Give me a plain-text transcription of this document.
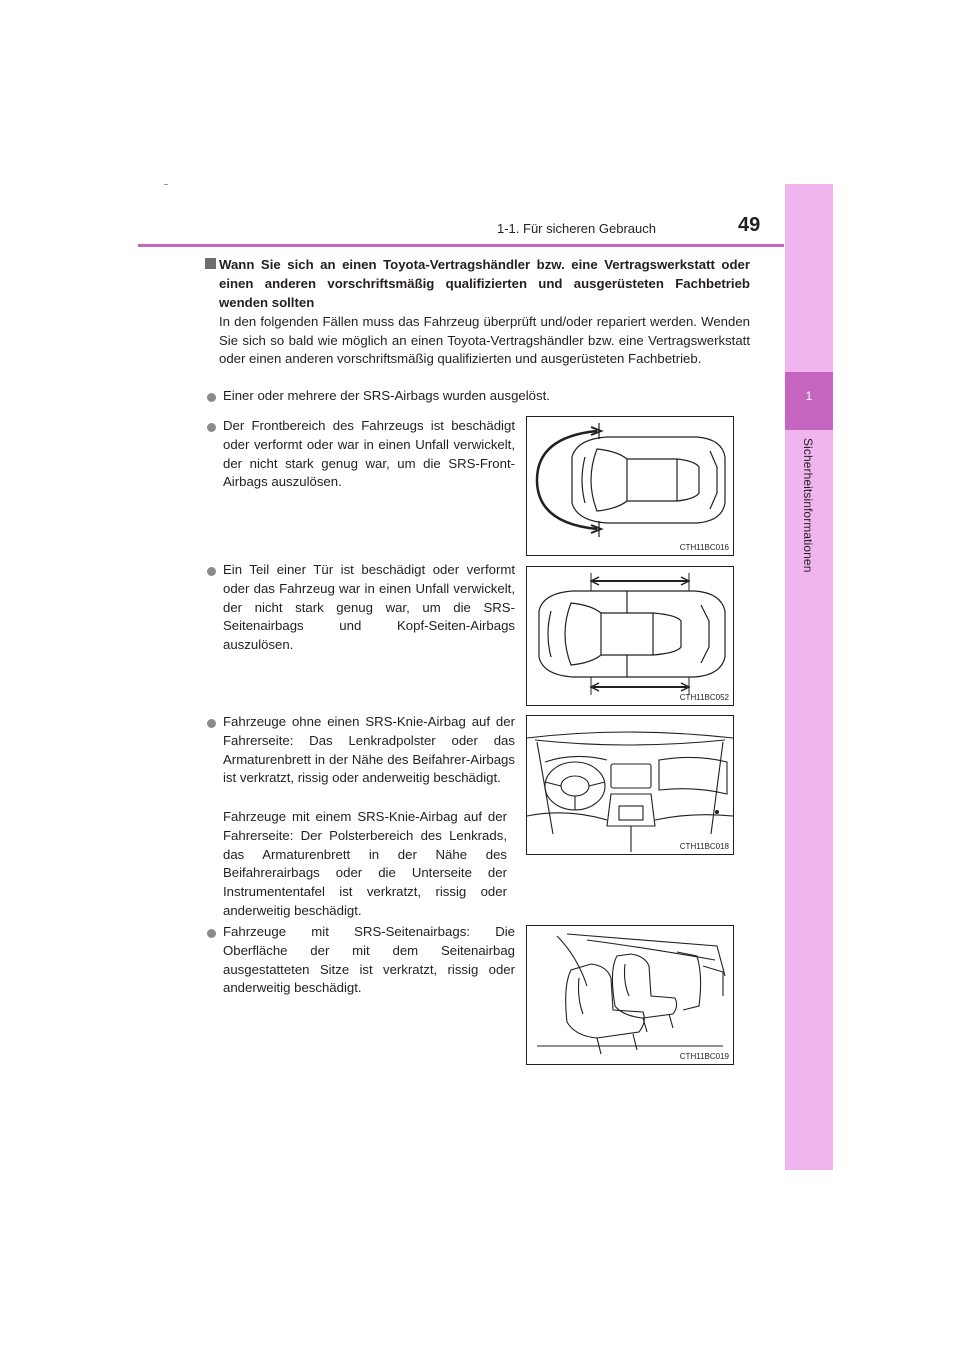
1-1. Für sicheren Gebrauch	49
1
Sicherheitsinformationen
Wann Sie sich an einen Toyota-Vertragshändler bzw. eine Vertragswerkstatt oder einen anderen vorschriftsmäßig qualifizierten und ausgerüsteten Fachbetrieb wenden sollten
In den folgenden Fällen muss das Fahrzeug überprüft und/oder repariert werden. Wenden Sie sich so bald wie möglich an einen Toyota-Vertragshändler bzw. eine Vertragswerkstatt oder einen anderen vorschriftsmäßig qualifizierten und ausgerüsteten Fachbetrieb.
Einer oder mehrere der SRS-Airbags wurden ausgelöst.
Der Frontbereich des Fahrzeugs ist beschädigt oder verformt oder war in einen Unfall verwickelt, der nicht stark genug war, um die SRS-Front-Airbags auszulösen.
CTH11BC016
Ein Teil einer Tür ist beschädigt oder verformt oder das Fahrzeug war in einen Unfall verwickelt, der nicht stark genug war, um die SRS-Seitenairbags und Kopf-Seiten-Airbags auszulösen.
CTH11BC052
Fahrzeuge ohne einen SRS-Knie-Airbag auf der Fahrerseite: Das Lenkradpolster oder das Armaturenbrett in der Nähe des Beifahrer-Airbags ist verkratzt, rissig oder anderweitig beschädigt.
Fahrzeuge mit einem SRS-Knie-Airbag auf der Fahrerseite: Der Polsterbereich des Lenkrads, das Armaturenbrett in der Nähe des Beifahrerairbags oder die Unterseite der Instrumententafel ist verkratzt, rissig oder anderweitig beschädigt.
CTH11BC018
Fahrzeuge mit SRS-Seitenairbags: Die Oberfläche der mit dem Seitenairbag ausgestatteten Sitze ist verkratzt, rissig oder anderweitig beschädigt.
CTH11BC019
